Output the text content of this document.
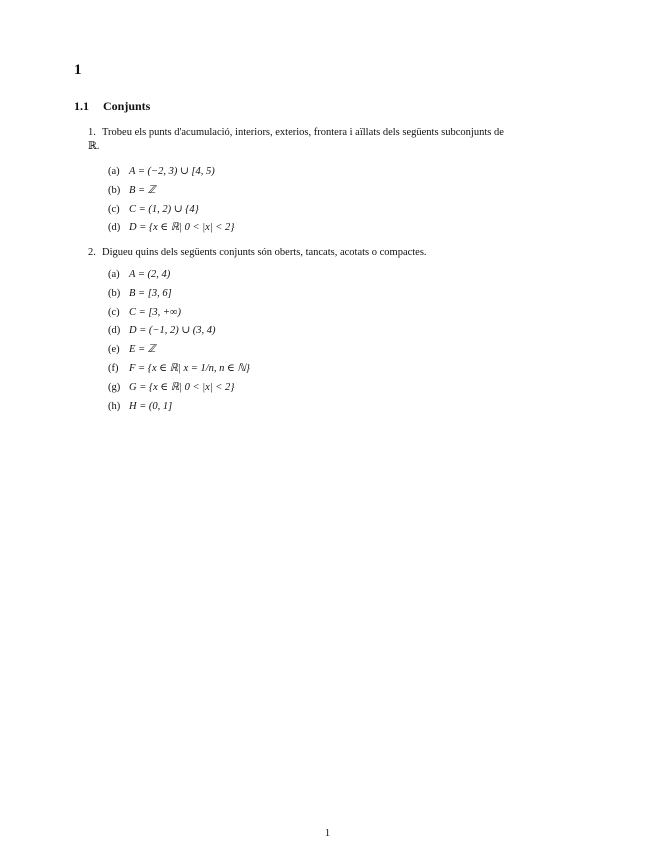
1
1.1 Conjunts
1. Trobeu els punts d'acumulació, interiors, exterios, frontera i aïllats dels següents subconjunts de
ℝ.
(a) A = (−2, 3) ∪ [4, 5)
(b) B = ℤ
(c) C = (1, 2) ∪ {4}
(d) D = {x ∈ ℝ| 0 < |x| < 2}
2. Digueu quins dels següents conjunts són oberts, tancats, acotats o compactes.
(a) A = (2, 4)
(b) B = [3, 6]
(c) C = [3, +∞)
(d) D = (−1, 2) ∪ (3, 4)
(e) E = ℤ
(f)	F = {x ∈ ℝ| x = 1/n, n ∈ ℕ}
(g) G = {x ∈ ℝ| 0 < |x| < 2}
(h) H = (0, 1]
1
